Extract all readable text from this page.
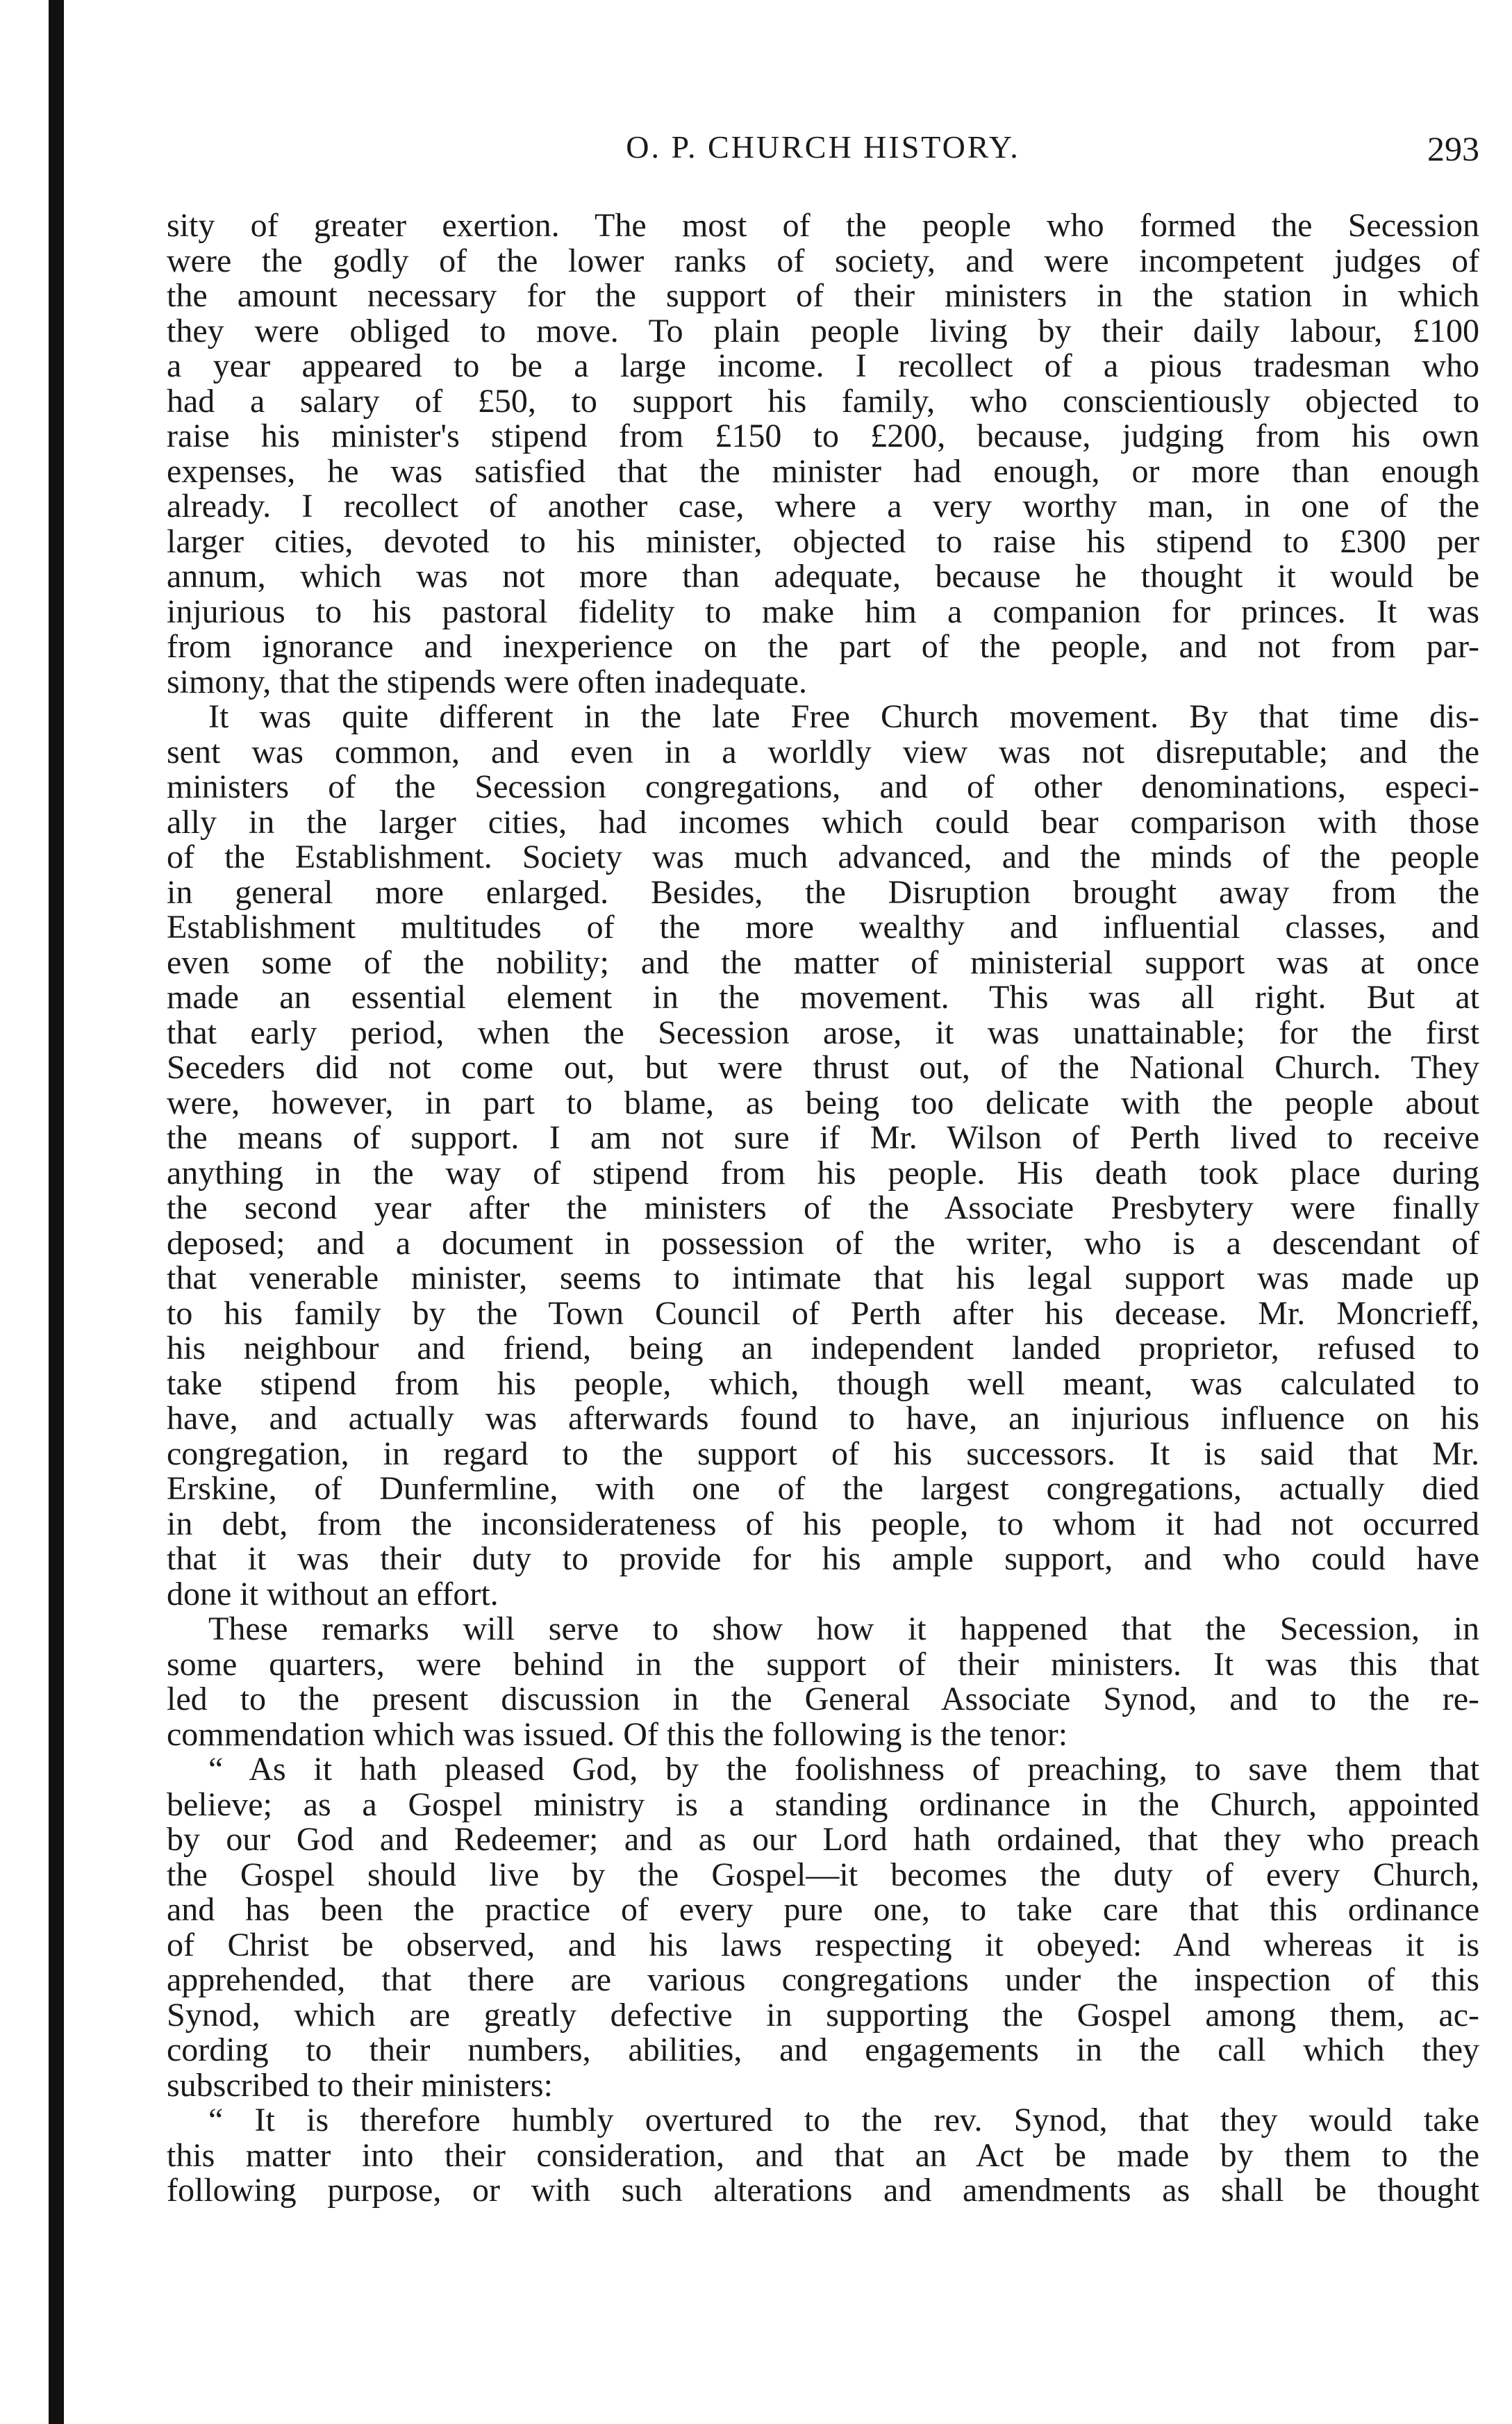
O. P. CHURCH HISTORY.	293
sity of greater exertion. The most of the people who formed the Secession
were the godly of the lower ranks of society, and were incompetent judges of
the amount necessary for the support of their ministers in the station in which
they were obliged to move. To plain people living by their daily labour, £100
a year appeared to be a large income. I recollect of a pious tradesman who
had a salary of £50, to support his family, who conscientiously objected to
raise his minister's stipend from £150 to £200, because, judging from his own
expenses, he was satisfied that the minister had enough, or more than enough
already. I recollect of another case, where a very worthy man, in one of the
larger cities, devoted to his minister, objected to raise his stipend to £300 per
annum, which was not more than adequate, because he thought it would be
injurious to his pastoral fidelity to make him a companion for princes. It was
from ignorance and inexperience on the part of the people, and not from par-
simony, that the stipends were often inadequate.
It was quite different in the late Free Church movement. By that time dis-
sent was common, and even in a worldly view was not disreputable; and the
ministers of the Secession congregations, and of other denominations, especi-
ally in the larger cities, had incomes which could bear comparison with those
of the Establishment. Society was much advanced, and the minds of the people
in general more enlarged. Besides, the Disruption brought away from the
Establishment multitudes of the more wealthy and influential classes, and
even some of the nobility; and the matter of ministerial support was at once
made an essential element in the movement. This was all right. But at
that early period, when the Secession arose, it was unattainable; for the first
Seceders did not come out, but were thrust out, of the National Church. They
were, however, in part to blame, as being too delicate with the people about
the means of support. I am not sure if Mr. Wilson of Perth lived to receive
anything in the way of stipend from his people. His death took place during
the second year after the ministers of the Associate Presbytery were finally
deposed; and a document in possession of the writer, who is a descendant of
that venerable minister, seems to intimate that his legal support was made up
to his family by the Town Council of Perth after his decease. Mr. Moncrieff,
his neighbour and friend, being an independent landed proprietor, refused to
take stipend from his people, which, though well meant, was calculated to
have, and actually was afterwards found to have, an injurious influence on his
congregation, in regard to the support of his successors. It is said that Mr.
Erskine, of Dunfermline, with one of the largest congregations, actually died
in debt, from the inconsiderateness of his people, to whom it had not occurred
that it was their duty to provide for his ample support, and who could have
done it without an effort.
These remarks will serve to show how it happened that the Secession, in
some quarters, were behind in the support of their ministers. It was this that
led to the present discussion in the General Associate Synod, and to the re-
commendation which was issued. Of this the following is the tenor:
“ As it hath pleased God, by the foolishness of preaching, to save them that
believe; as a Gospel ministry is a standing ordinance in the Church, appointed
by our God and Redeemer; and as our Lord hath ordained, that they who preach
the Gospel should live by the Gospel—it becomes the duty of every Church,
and has been the practice of every pure one, to take care that this ordinance
of Christ be observed, and his laws respecting it obeyed: And whereas it is
apprehended, that there are various congregations under the inspection of this
Synod, which are greatly defective in supporting the Gospel among them, ac-
cording to their numbers, abilities, and engagements in the call which they
subscribed to their ministers:
“ It is therefore humbly overtured to the rev. Synod, that they would take
this matter into their consideration, and that an Act be made by them to the
following purpose, or with such alterations and amendments as shall be thought
